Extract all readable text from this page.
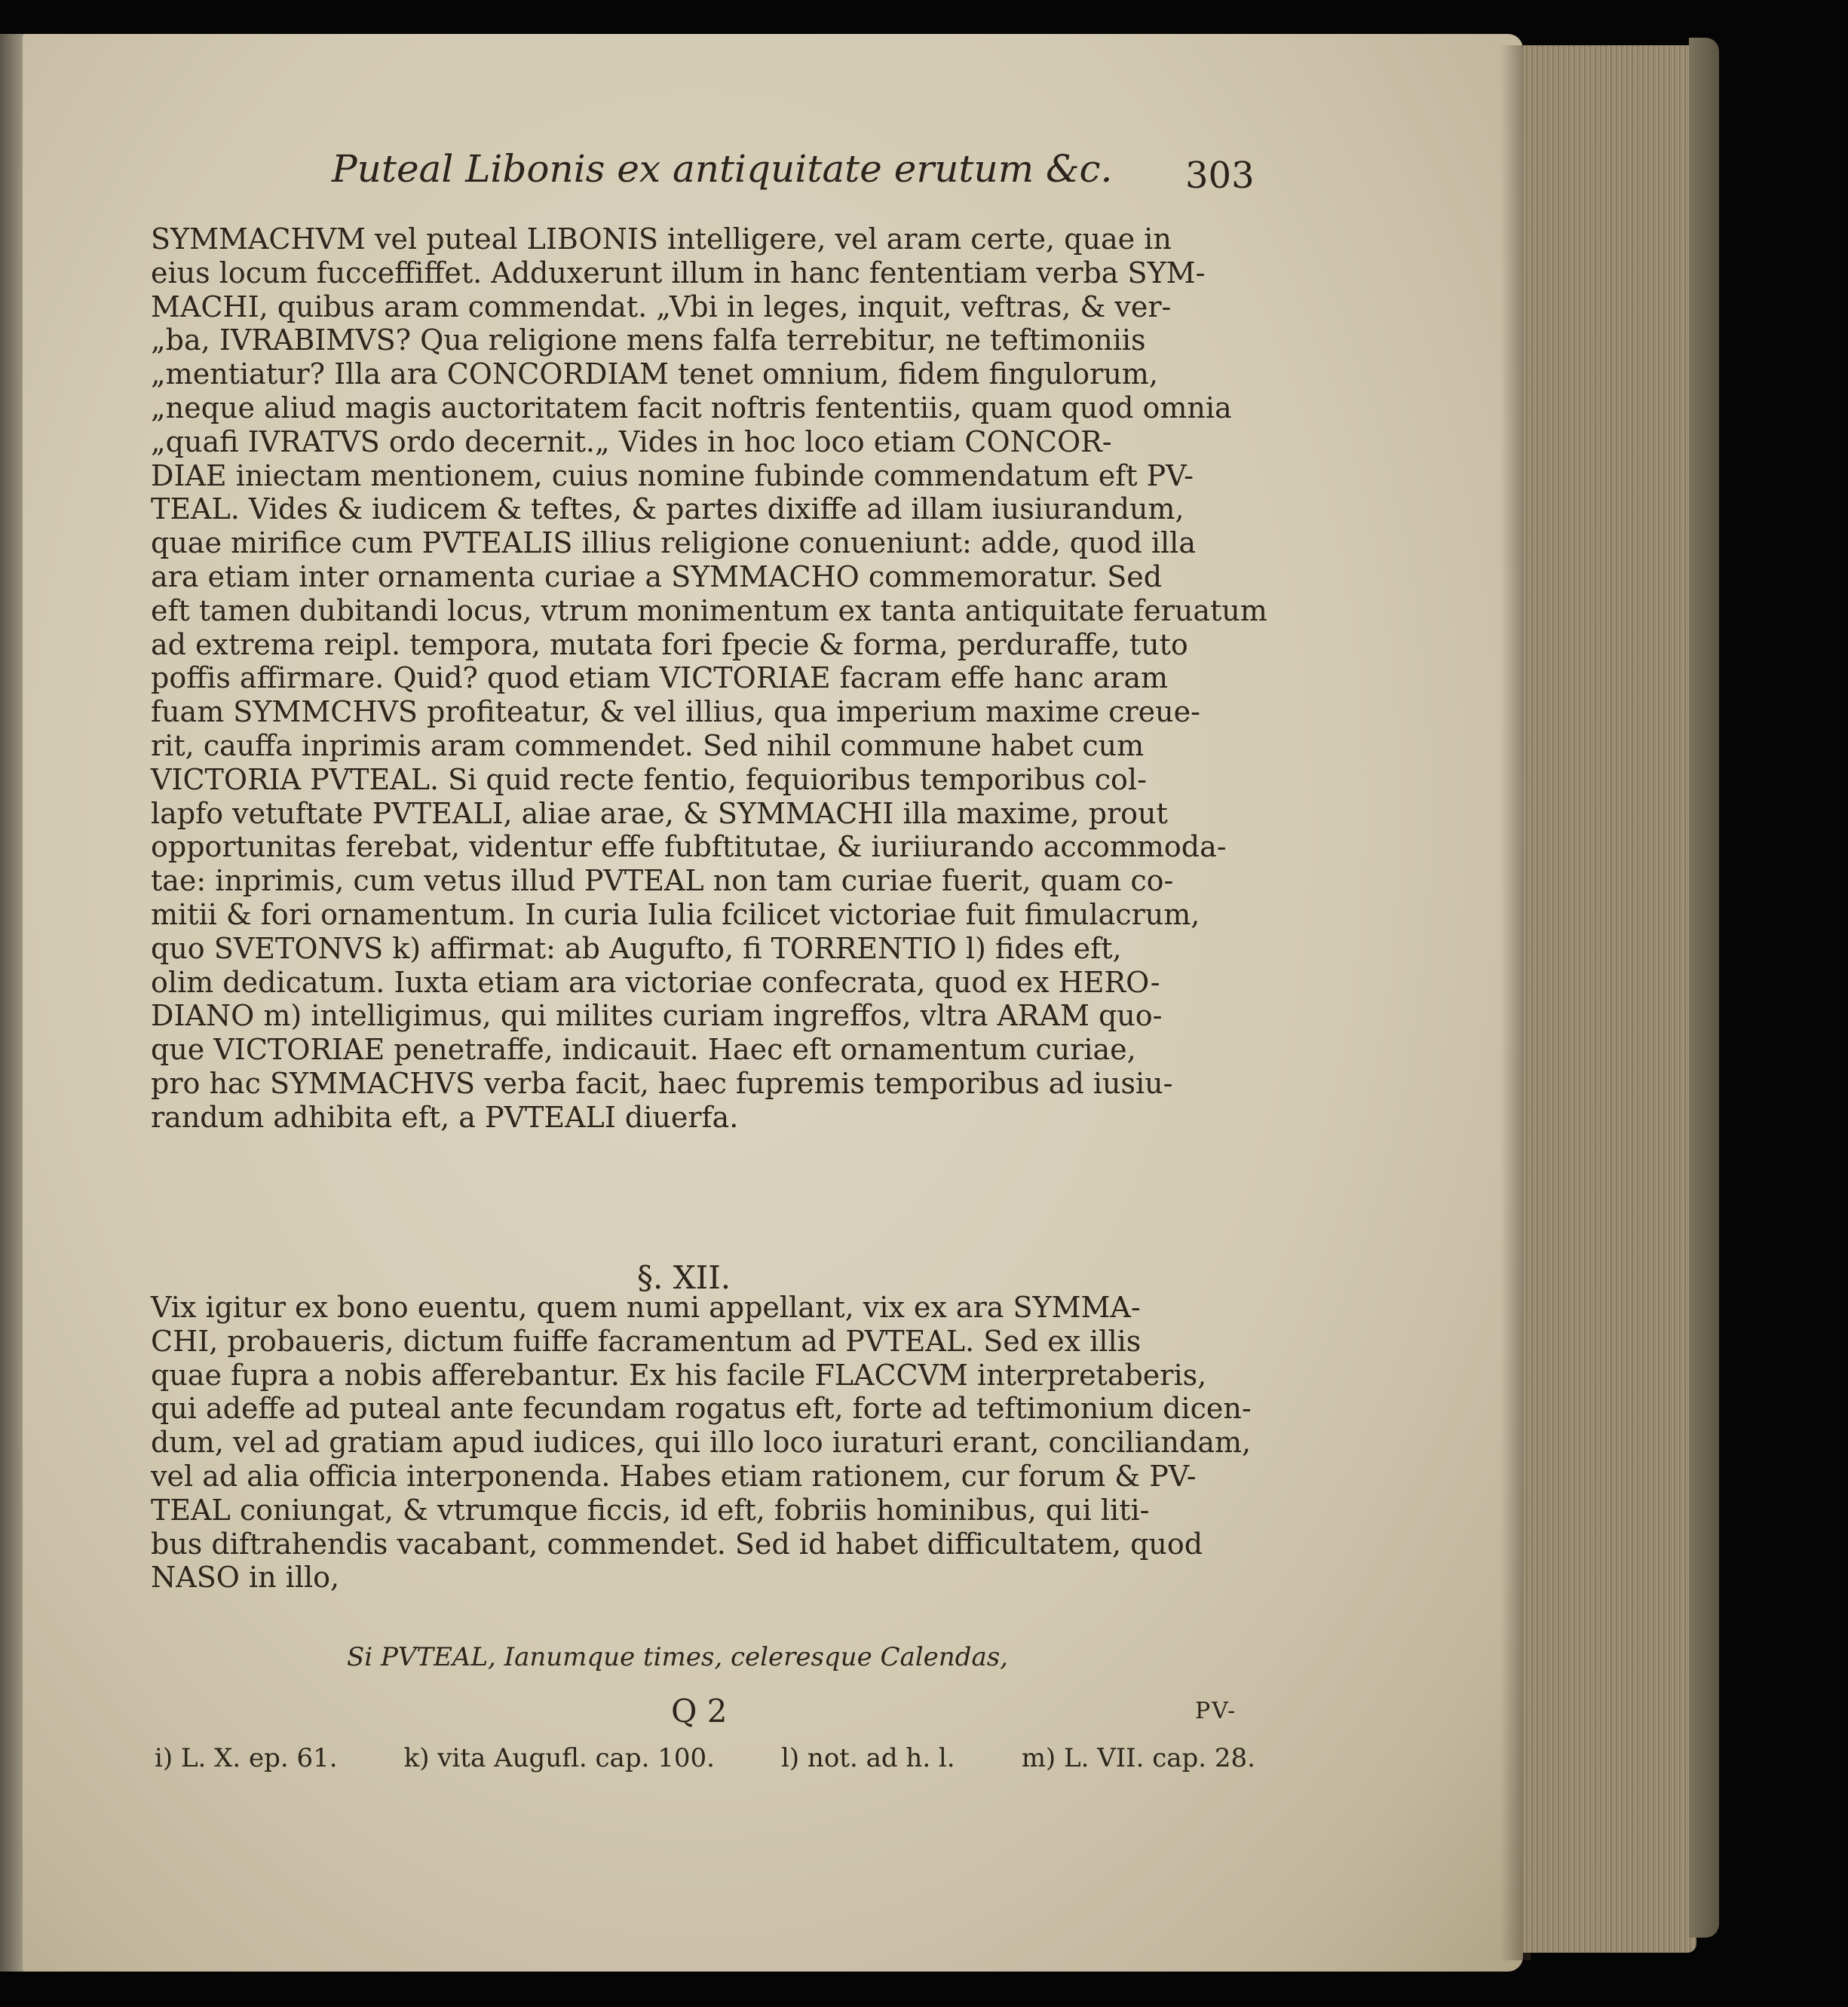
Puteal Libonis ex antiquitate erutum &c. 303
SYMMACHVM vel puteal LIBONIS intelligere, vel aram certe, quae in
eius locum fucceffiffet. Adduxerunt illum in hanc fententiam verba SYM-
MACHI, quibus aram commendat. „Vbi in leges, inquit, veftras, & ver-
„ba, IVRABIMVS? Qua religione mens falfa terrebitur, ne teftimoniis
„mentiatur? Illa ara CONCORDIAM tenet omnium, fidem fingulorum,
„neque aliud magis auctoritatem facit noftris fententiis, quam quod omnia
„quafi IVRATVS ordo decernit.„ Vides in hoc loco etiam CONCOR-
DIAE iniectam mentionem, cuius nomine fubinde commendatum eft PV-
TEAL. Vides & iudicem & teftes, & partes dixiffe ad illam iusiurandum,
quae mirifice cum PVTEALIS illius religione conueniunt: adde, quod illa
ara etiam inter ornamenta curiae a SYMMACHO commemoratur. Sed
eft tamen dubitandi locus, vtrum monimentum ex tanta antiquitate feruatum
ad extrema reipl. tempora, mutata fori fpecie & forma, perduraffe, tuto
poffis affirmare. Quid? quod etiam VICTORIAE facram effe hanc aram
fuam SYMMCHVS profiteatur, & vel illius, qua imperium maxime creue-
rit, cauffa inprimis aram commendet. Sed nihil commune habet cum
VICTORIA PVTEAL. Si quid recte fentio, fequioribus temporibus col-
lapfo vetuftate PVTEALI, aliae arae, & SYMMACHI illa maxime, prout
opportunitas ferebat, videntur effe fubftitutae, & iuriiurando accommoda-
tae: inprimis, cum vetus illud PVTEAL non tam curiae fuerit, quam co-
mitii & fori ornamentum. In curia Iulia fcilicet victoriae fuit fimulacrum,
quo SVETONVS k) affirmat: ab Augufto, fi TORRENTIO l) fides eft,
olim dedicatum. Iuxta etiam ara victoriae confecrata, quod ex HERO-
DIANO m) intelligimus, qui milites curiam ingreffos, vltra ARAM quo-
que VICTORIAE penetraffe, indicauit. Haec eft ornamentum curiae,
pro hac SYMMACHVS verba facit, haec fupremis temporibus ad iusiu-
randum adhibita eft, a PVTEALI diuerfa.
§. XII.
Vix igitur ex bono euentu, quem numi appellant, vix ex ara SYMMA-
CHI, probaueris, dictum fuiffe facramentum ad PVTEAL. Sed ex illis
quae fupra a nobis afferebantur. Ex his facile FLACCVM interpretaberis,
qui adeffe ad puteal ante fecundam rogatus eft, forte ad teftimonium dicen-
dum, vel ad gratiam apud iudices, qui illo loco iuraturi erant, conciliandam,
vel ad alia officia interponenda. Habes etiam rationem, cur forum & PV-
TEAL coniungat, & vtrumque ficcis, id eft, fobriis hominibus, qui liti-
bus diftrahendis vacabant, commendet. Sed id habet difficultatem, quod
NASO in illo,
Si PVTEAL, Ianumque times, celeresque Calendas,
Q 2	PV-
i) L. X. ep. 61.	k) vita Augufl. cap. 100.	l) not. ad h. l.	m) L. VII. cap. 28.
